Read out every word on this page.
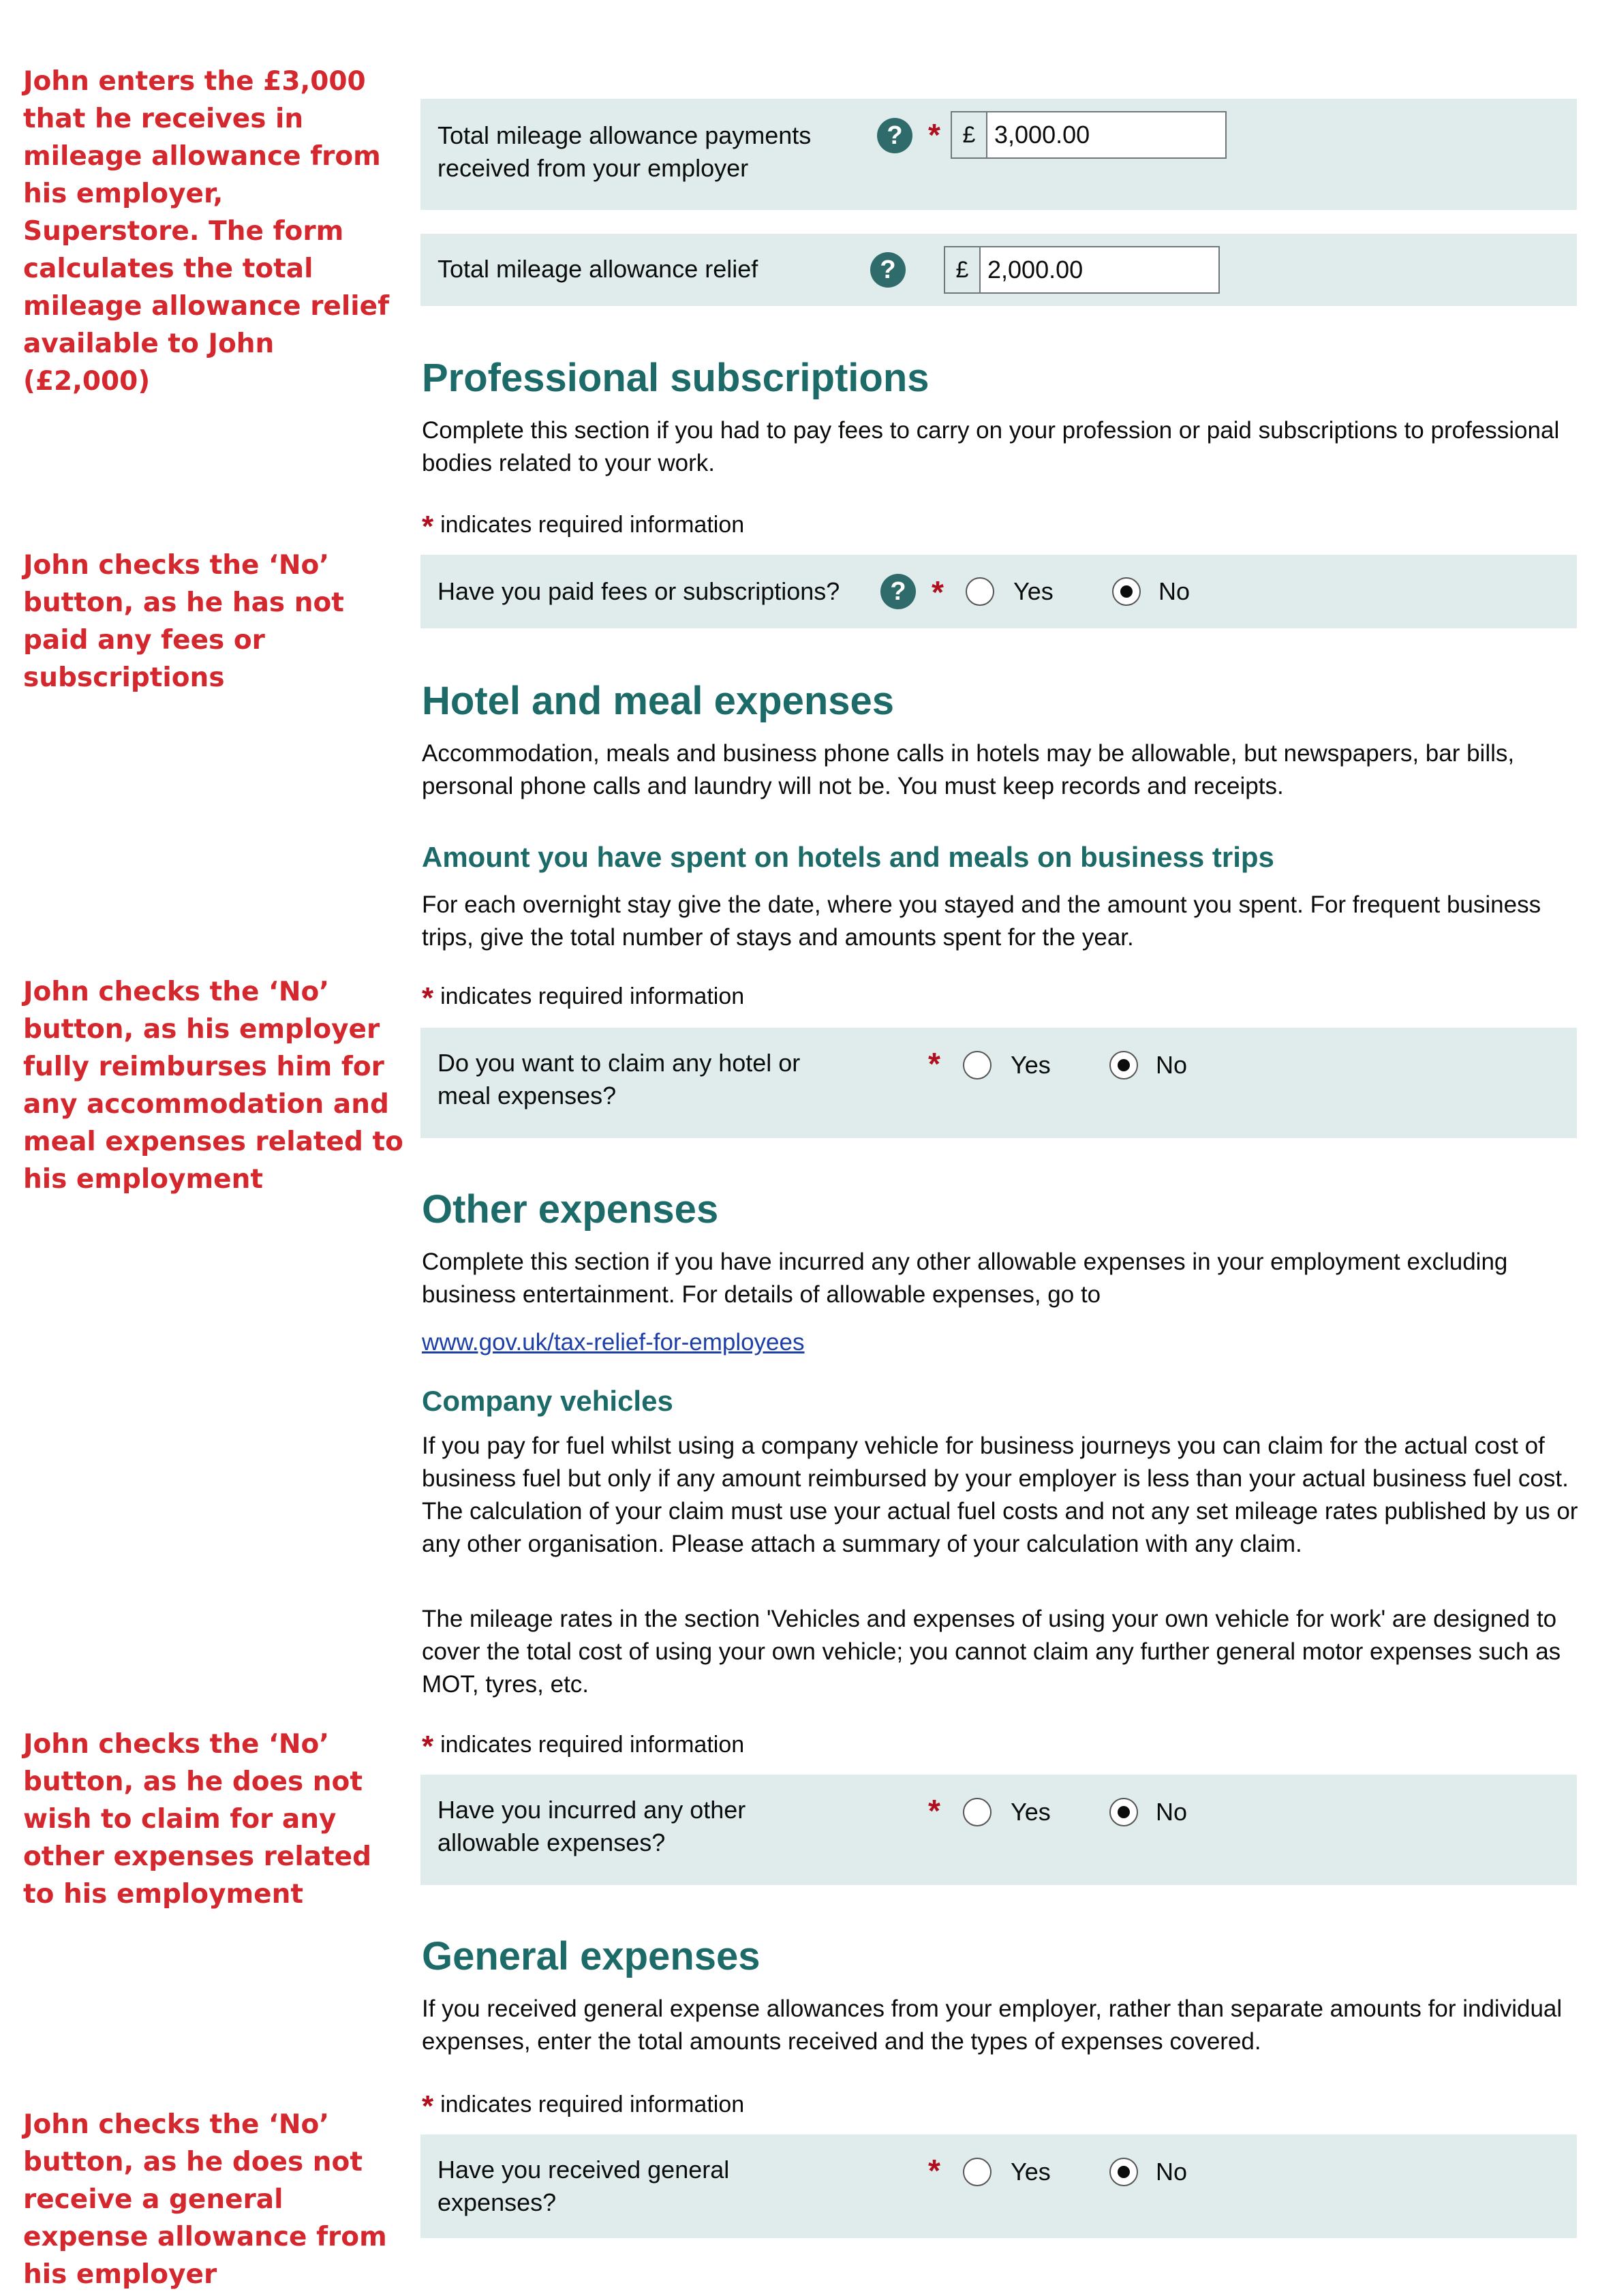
John enters the £3,000 that he receives in mileage allowance from his employer, Superstore. The form calculates the total mileage allowance relief available to John (£2,000)
John checks the ‘No’ button, as he has not paid any fees or subscriptions
John checks the ‘No’ button, as his employer fully reimburses him for any accommodation and meal expenses related to his employment
John checks the ‘No’ button, as he does not wish to claim for any other expenses related to his employment
John checks the ‘No’ button, as he does not receive a general expense allowance from his employer
Total mileage allowance payments received from your employer
? * £ 3,000.00
Total mileage allowance relief	?	£ 2,000.00
Professional subscriptions
Complete this section if you had to pay fees to carry on your profession or paid subscriptions to professional bodies related to your work.
* indicates required information
Have you paid fees or subscriptions?	? *	Yes	No
Hotel and meal expenses
Accommodation, meals and business phone calls in hotels may be allowable, but newspapers, bar bills, personal phone calls and laundry will not be. You must keep records and receipts.
Amount you have spent on hotels and meals on business trips
For each overnight stay give the date, where you stayed and the amount you spent. For frequent business trips, give the total number of stays and amounts spent for the year.
* indicates required information
Do you want to claim any hotel or meal expenses?
*	Yes	No
Other expenses
Complete this section if you have incurred any other allowable expenses in your employment excluding business entertainment. For details of allowable expenses, go to
www.gov.uk/tax-relief-for-employees
Company vehicles
If you pay for fuel whilst using a company vehicle for business journeys you can claim for the actual cost of business fuel but only if any amount reimbursed by your employer is less than your actual business fuel cost. The calculation of your claim must use your actual fuel costs and not any set mileage rates published by us or any other organisation. Please attach a summary of your calculation with any claim.
The mileage rates in the section 'Vehicles and expenses of using your own vehicle for work' are designed to cover the total cost of using your own vehicle; you cannot claim any further general motor expenses such as MOT, tyres, etc.
* indicates required information
Have you incurred any other allowable expenses?
*	Yes	No
General expenses
If you received general expense allowances from your employer, rather than separate amounts for individual expenses, enter the total amounts received and the types of expenses covered.
* indicates required information
Have you received general expenses?
*	Yes	No
